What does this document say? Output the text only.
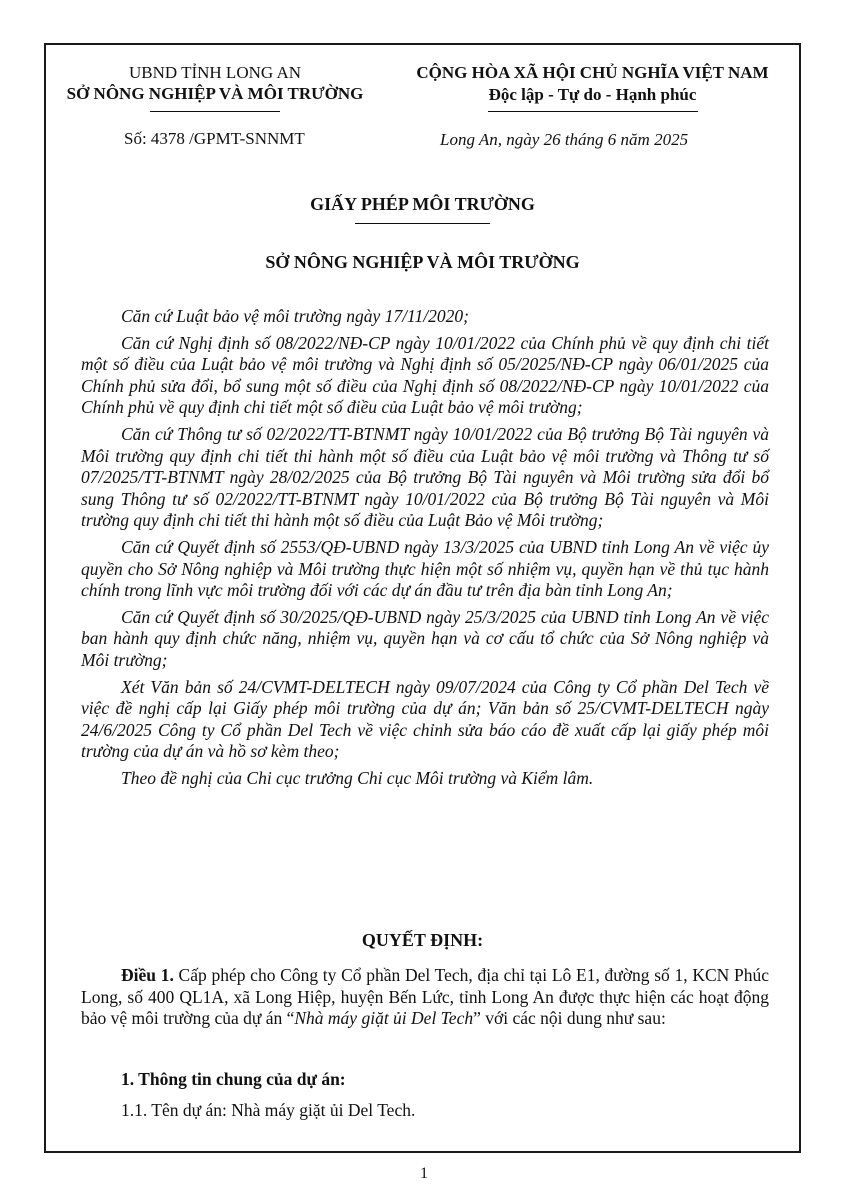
UBND TỈNH LONG AN
SỞ NÔNG NGHIỆP VÀ MÔI TRƯỜNG
CỘNG HÒA XÃ HỘI CHỦ NGHĨA VIỆT NAM
Độc lập - Tự do - Hạnh phúc
Số: 4378 /GPMT-SNNMT	Long An, ngày 26 tháng 6 năm 2025
GIẤY PHÉP MÔI TRƯỜNG
SỞ NÔNG NGHIỆP VÀ MÔI TRƯỜNG

Căn cứ Luật bảo vệ môi trường ngày 17/11/2020;

Căn cứ Nghị định số 08/2022/NĐ-CP ngày 10/01/2022 của Chính phủ về quy định chi tiết một số điều của Luật bảo vệ môi trường và Nghị định số 05/2025/NĐ-CP ngày 06/01/2025 của Chính phủ sửa đổi, bổ sung một số điều của Nghị định số 08/2022/NĐ-CP ngày 10/01/2022 của Chính phủ về quy định chi tiết một số điều của Luật bảo vệ môi trường;

Căn cứ Thông tư số 02/2022/TT-BTNMT ngày 10/01/2022 của Bộ trưởng Bộ Tài nguyên và Môi trường quy định chi tiết thi hành một số điều của Luật bảo vệ môi trường và Thông tư số 07/2025/TT-BTNMT ngày 28/02/2025 của Bộ trưởng Bộ Tài nguyên và Môi trường sửa đổi bổ sung Thông tư số 02/2022/TT-BTNMT ngày 10/01/2022 của Bộ trưởng Bộ Tài nguyên và Môi trường quy định chi tiết thi hành một số điều của Luật Bảo vệ Môi trường;

Căn cứ Quyết định số 2553/QĐ-UBND ngày 13/3/2025 của UBND tỉnh Long An về việc ủy quyền cho Sở Nông nghiệp và Môi trường thực hiện một số nhiệm vụ, quyền hạn về thủ tục hành chính trong lĩnh vực môi trường đối với các dự án đầu tư trên địa bàn tỉnh Long An;

Căn cứ Quyết định số 30/2025/QĐ-UBND ngày 25/3/2025 của UBND tỉnh Long An về việc ban hành quy định chức năng, nhiệm vụ, quyền hạn và cơ cấu tổ chức của Sở Nông nghiệp và Môi trường;

Xét Văn bản số 24/CVMT-DELTECH ngày 09/07/2024 của Công ty Cổ phần Del Tech về việc đề nghị cấp lại Giấy phép môi trường của dự án; Văn bản số 25/CVMT-DELTECH ngày 24/6/2025 Công ty Cổ phần Del Tech về việc chỉnh sửa báo cáo đề xuất cấp lại giấy phép môi trường của dự án và hồ sơ kèm theo;

Theo đề nghị của Chi cục trưởng Chi cục Môi trường và Kiểm lâm.

QUYẾT ĐỊNH:

Điều 1. Cấp phép cho Công ty Cổ phần Del Tech, địa chỉ tại Lô E1, đường số 1, KCN Phúc Long, số 400 QL1A, xã Long Hiệp, huyện Bến Lức, tỉnh Long An được thực hiện các hoạt động bảo vệ môi trường của dự án “Nhà máy giặt ủi Del Tech” với các nội dung như sau:

1. Thông tin chung của dự án:
1.1. Tên dự án: Nhà máy giặt ủi Del Tech.
1
